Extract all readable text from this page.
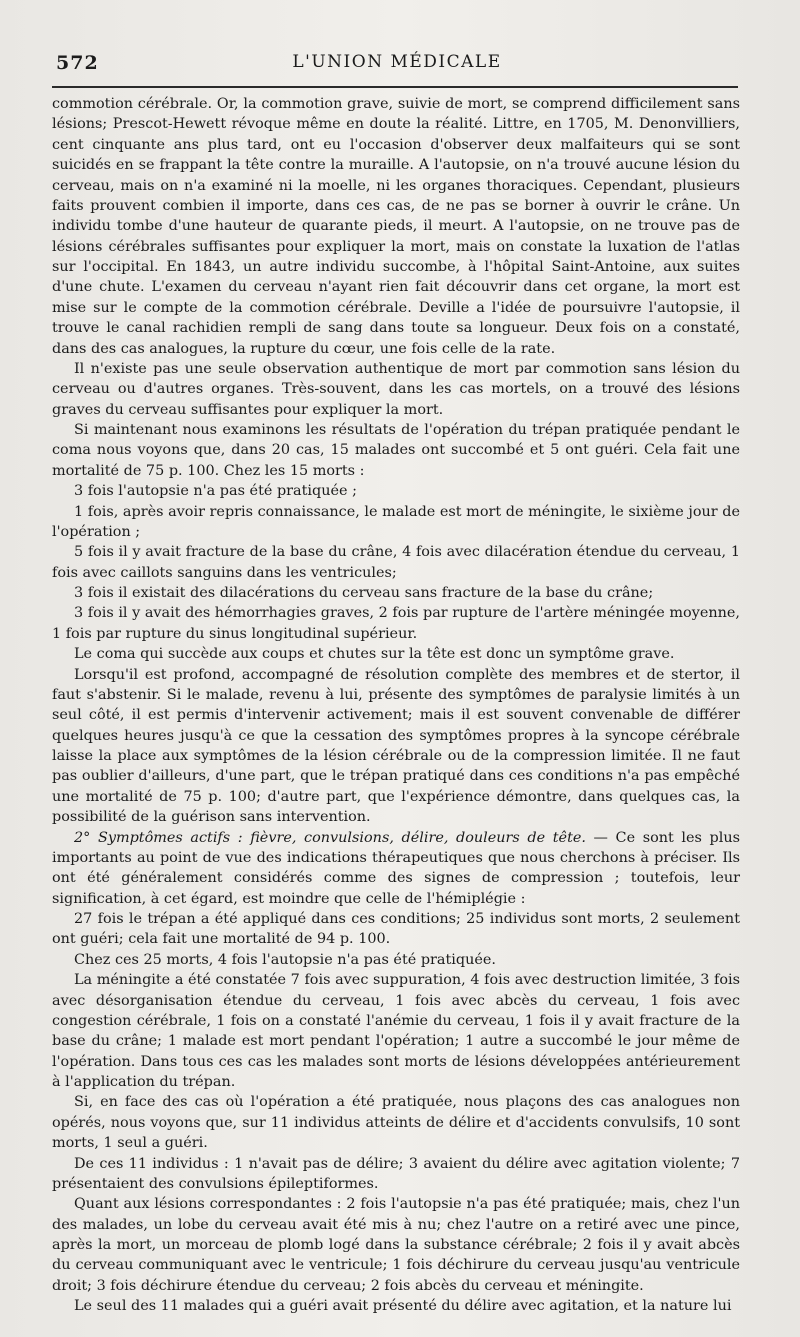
572	L'UNION MÉDICALE

commotion cérébrale. Or, la commotion grave, suivie de mort, se comprend difficilement sans lésions; Prescot-Hewett révoque même en doute la réalité. Littre, en 1705, M. Denonvilliers, cent cinquante ans plus tard, ont eu l'occasion d'observer deux malfaiteurs qui se sont suicidés en se frappant la tête contre la muraille. A l'autopsie, on n'a trouvé aucune lésion du cerveau, mais on n'a examiné ni la moelle, ni les organes thoraciques. Cependant, plusieurs faits prouvent combien il importe, dans ces cas, de ne pas se borner à ouvrir le crâne. Un individu tombe d'une hauteur de quarante pieds, il meurt. A l'autopsie, on ne trouve pas de lésions cérébrales suffisantes pour expliquer la mort, mais on constate la luxation de l'atlas sur l'occipital. En 1843, un autre individu succombe, à l'hôpital Saint-Antoine, aux suites d'une chute. L'examen du cerveau n'ayant rien fait découvrir dans cet organe, la mort est mise sur le compte de la commotion cérébrale. Deville a l'idée de poursuivre l'autopsie, il trouve le canal rachidien rempli de sang dans toute sa longueur. Deux fois on a constaté, dans des cas analogues, la rupture du cœur, une fois celle de la rate.

Il n'existe pas une seule observation authentique de mort par commotion sans lésion du cerveau ou d'autres organes. Très-souvent, dans les cas mortels, on a trouvé des lésions graves du cerveau suffisantes pour expliquer la mort.

Si maintenant nous examinons les résultats de l'opération du trépan pratiquée pendant le coma nous voyons que, dans 20 cas, 15 malades ont succombé et 5 ont guéri. Cela fait une mortalité de 75 p. 100. Chez les 15 morts :

3 fois l'autopsie n'a pas été pratiquée ;

1 fois, après avoir repris connaissance, le malade est mort de méningite, le sixième jour de l'opération ;

5 fois il y avait fracture de la base du crâne, 4 fois avec dilacération étendue du cerveau, 1 fois avec caillots sanguins dans les ventricules;

3 fois il existait des dilacérations du cerveau sans fracture de la base du crâne;

3 fois il y avait des hémorrhagies graves, 2 fois par rupture de l'artère méningée moyenne, 1 fois par rupture du sinus longitudinal supérieur.

Le coma qui succède aux coups et chutes sur la tête est donc un symptôme grave.

Lorsqu'il est profond, accompagné de résolution complète des membres et de stertor, il faut s'abstenir. Si le malade, revenu à lui, présente des symptômes de paralysie limités à un seul côté, il est permis d'intervenir activement; mais il est souvent convenable de différer quelques heures jusqu'à ce que la cessation des symptômes propres à la syncope cérébrale laisse la place aux symptômes de la lésion cérébrale ou de la compression limitée. Il ne faut pas oublier d'ailleurs, d'une part, que le trépan pratiqué dans ces conditions n'a pas empêché une mortalité de 75 p. 100; d'autre part, que l'expérience démontre, dans quelques cas, la possibilité de la guérison sans intervention.

2° Symptômes actifs : fièvre, convulsions, délire, douleurs de tête. — Ce sont les plus importants au point de vue des indications thérapeutiques que nous cherchons à préciser. Ils ont été généralement considérés comme des signes de compression ; toutefois, leur signification, à cet égard, est moindre que celle de l'hémiplégie :

27 fois le trépan a été appliqué dans ces conditions; 25 individus sont morts, 2 seulement ont guéri; cela fait une mortalité de 94 p. 100.

Chez ces 25 morts, 4 fois l'autopsie n'a pas été pratiquée.

La méningite a été constatée 7 fois avec suppuration, 4 fois avec destruction limitée, 3 fois avec désorganisation étendue du cerveau, 1 fois avec abcès du cerveau, 1 fois avec congestion cérébrale, 1 fois on a constaté l'anémie du cerveau, 1 fois il y avait fracture de la base du crâne; 1 malade est mort pendant l'opération; 1 autre a succombé le jour même de l'opération. Dans tous ces cas les malades sont morts de lésions développées antérieurement à l'application du trépan.

Si, en face des cas où l'opération a été pratiquée, nous plaçons des cas analogues non opérés, nous voyons que, sur 11 individus atteints de délire et d'accidents convulsifs, 10 sont morts, 1 seul a guéri.

De ces 11 individus : 1 n'avait pas de délire; 3 avaient du délire avec agitation violente; 7 présentaient des convulsions épileptiformes.

Quant aux lésions correspondantes : 2 fois l'autopsie n'a pas été pratiquée; mais, chez l'un des malades, un lobe du cerveau avait été mis à nu; chez l'autre on a retiré avec une pince, après la mort, un morceau de plomb logé dans la substance cérébrale; 2 fois il y avait abcès du cerveau communiquant avec le ventricule; 1 fois déchirure du cerveau jusqu'au ventricule droit; 3 fois déchirure étendue du cerveau; 2 fois abcès du cerveau et méningite.

Le seul des 11 malades qui a guéri avait présenté du délire avec agitation, et la nature lui
